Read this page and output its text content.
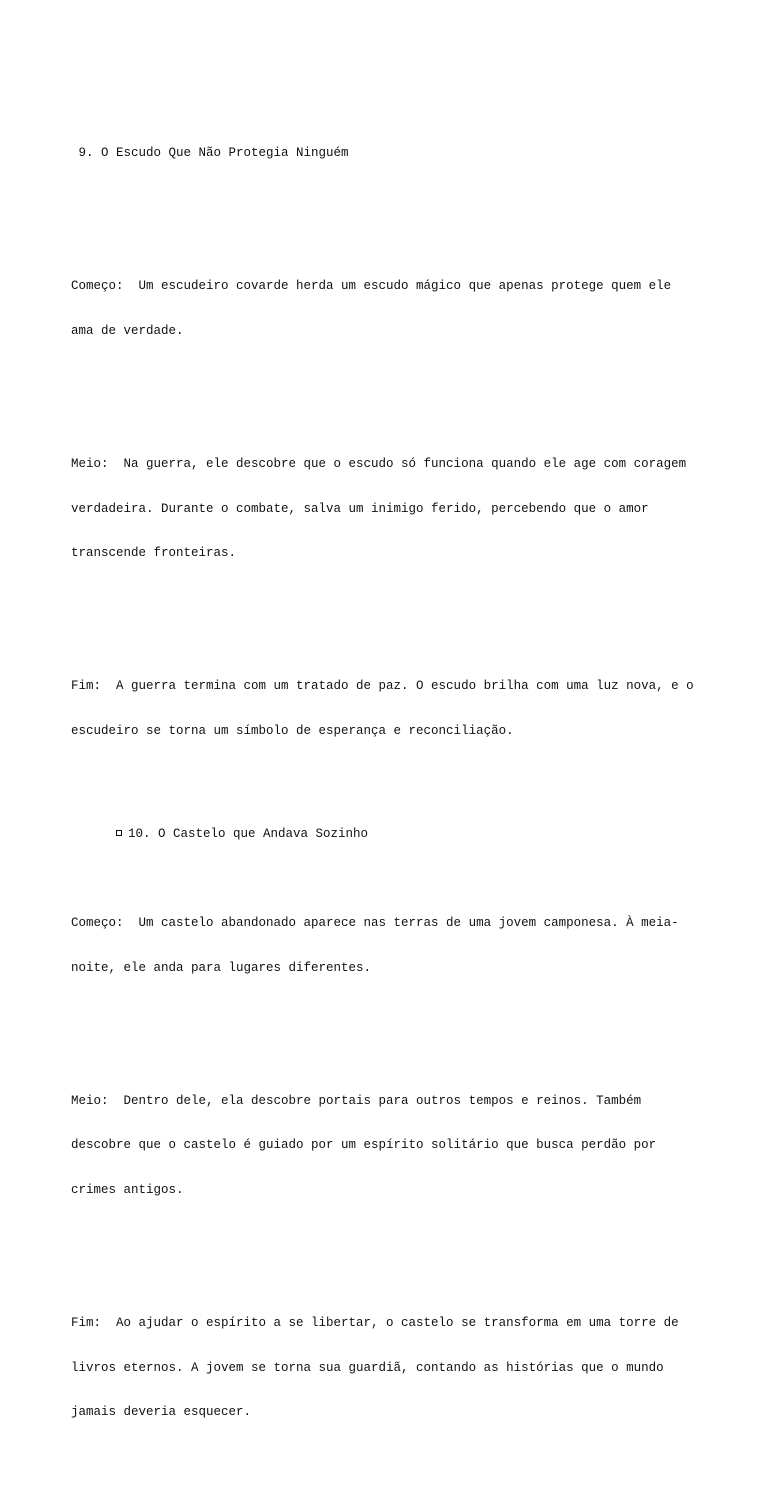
9. O Escudo Que Não Protegia Ninguém

Começo:  Um escudeiro covarde herda um escudo mágico que apenas protege quem ele

ama de verdade.

Meio:  Na guerra, ele descobre que o escudo só funciona quando ele age com coragem

verdadeira. Durante o combate, salva um inimigo ferido, percebendo que o amor

transcende fronteiras.

Fim:  A guerra termina com um tratado de paz. O escudo brilha com uma luz nova, e o

escudeiro se torna um símbolo de esperança e reconciliação.

10. O Castelo que Andava Sozinho

Começo:  Um castelo abandonado aparece nas terras de uma jovem camponesa. À meia-

noite, ele anda para lugares diferentes.

Meio:  Dentro dele, ela descobre portais para outros tempos e reinos. Também

descobre que o castelo é guiado por um espírito solitário que busca perdão por

crimes antigos.

Fim:  Ao ajudar o espírito a se libertar, o castelo se transforma em uma torre de

livros eternos. A jovem se torna sua guardiã, contando as histórias que o mundo

jamais deveria esquecer.
